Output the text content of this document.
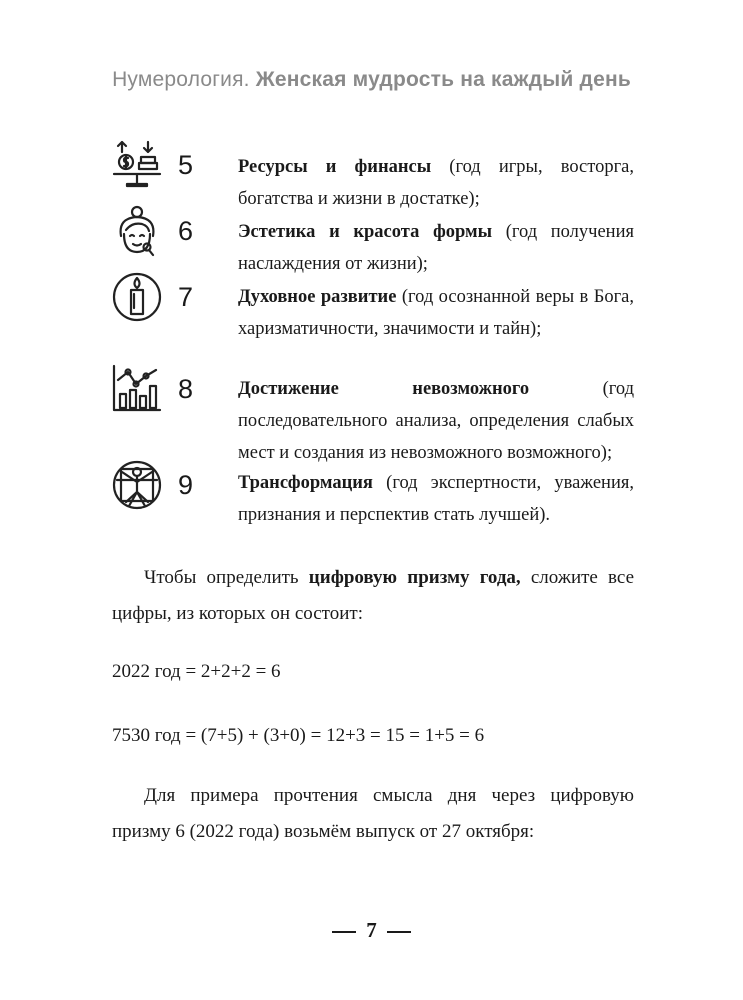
Нумерология. Женская мудрость на каждый день
5 Ресурсы и финансы (год игры, восторга, богатства и жизни в достатке);
6 Эстетика и красота формы (год получения наслаждения от жизни);
7 Духовное развитие (год осознанной веры в Бога, харизматичности, значимости и тайн);
8 Достижение невозможного (год последовательного анализа, определения слабых мест и создания из невозможного возможного);
9 Трансформация (год экспертности, уважения, признания и перспектив стать лучшей).
Чтобы определить цифровую призму года, сложите все цифры, из которых он состоит:
2022 год = 2+2+2 = 6
7530 год = (7+5) + (3+0) = 12+3 = 15 = 1+5 = 6
Для примера прочтения смысла дня через цифровую призму 6 (2022 года) возьмём выпуск от 27 октября:
7
